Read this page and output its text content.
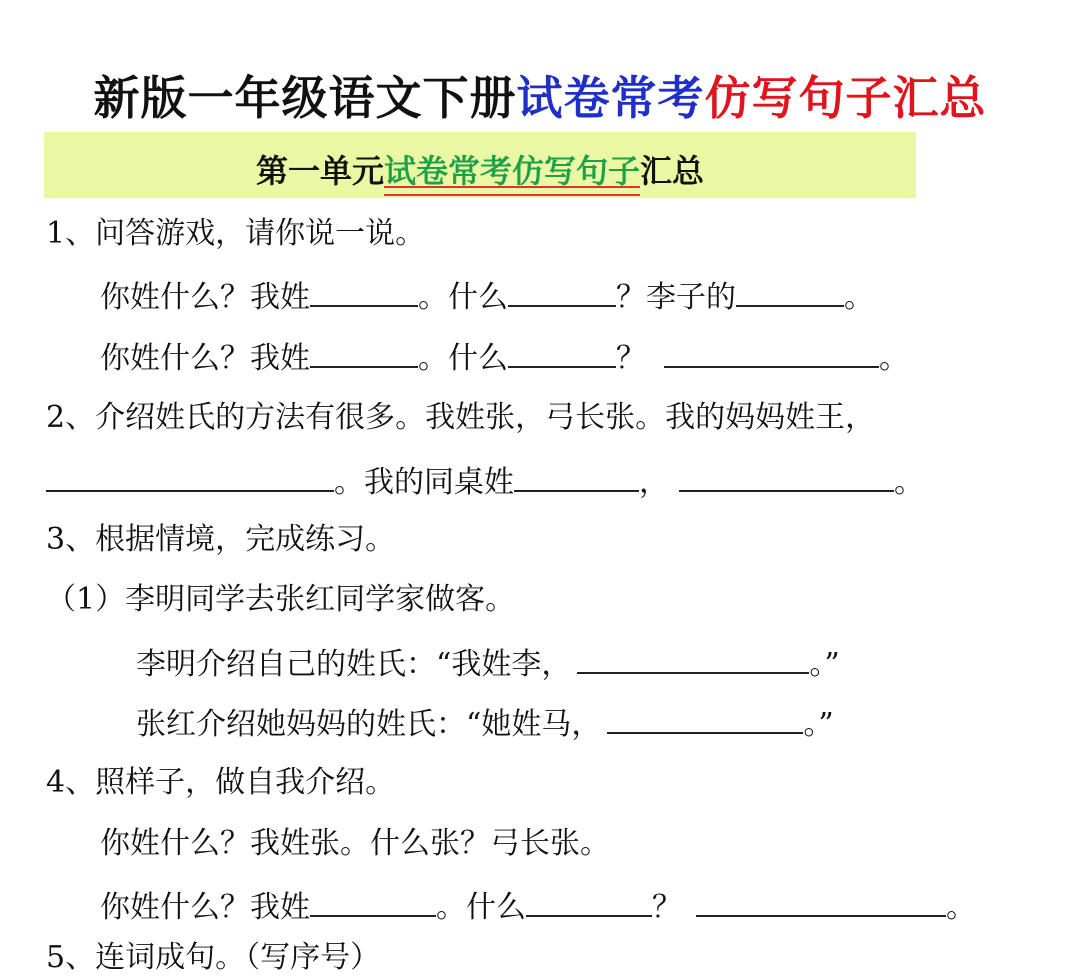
新版一年级语文下册试卷常考仿写句子汇总
第一单元试卷常考仿写句子汇总
1、问答游戏，请你说一说。
你姓什么？我姓	。什么	？李子的	。
你姓什么？我姓	。什么	？	。
2、介绍姓氏的方法有很多。我姓张，弓长张。我的妈妈姓王，
。我的同桌姓	，	。
3、根据情境，完成练习。
（1）李明同学去张红同学家做客。
李明介绍自己的姓氏：“我姓李，	。”
张红介绍她妈妈的姓氏：“她姓马，	。”
4、照样子，做自我介绍。
你姓什么？我姓张。什么张？弓长张。
你姓什么？我姓	。什么	？	。
5、连词成句。（写序号）
